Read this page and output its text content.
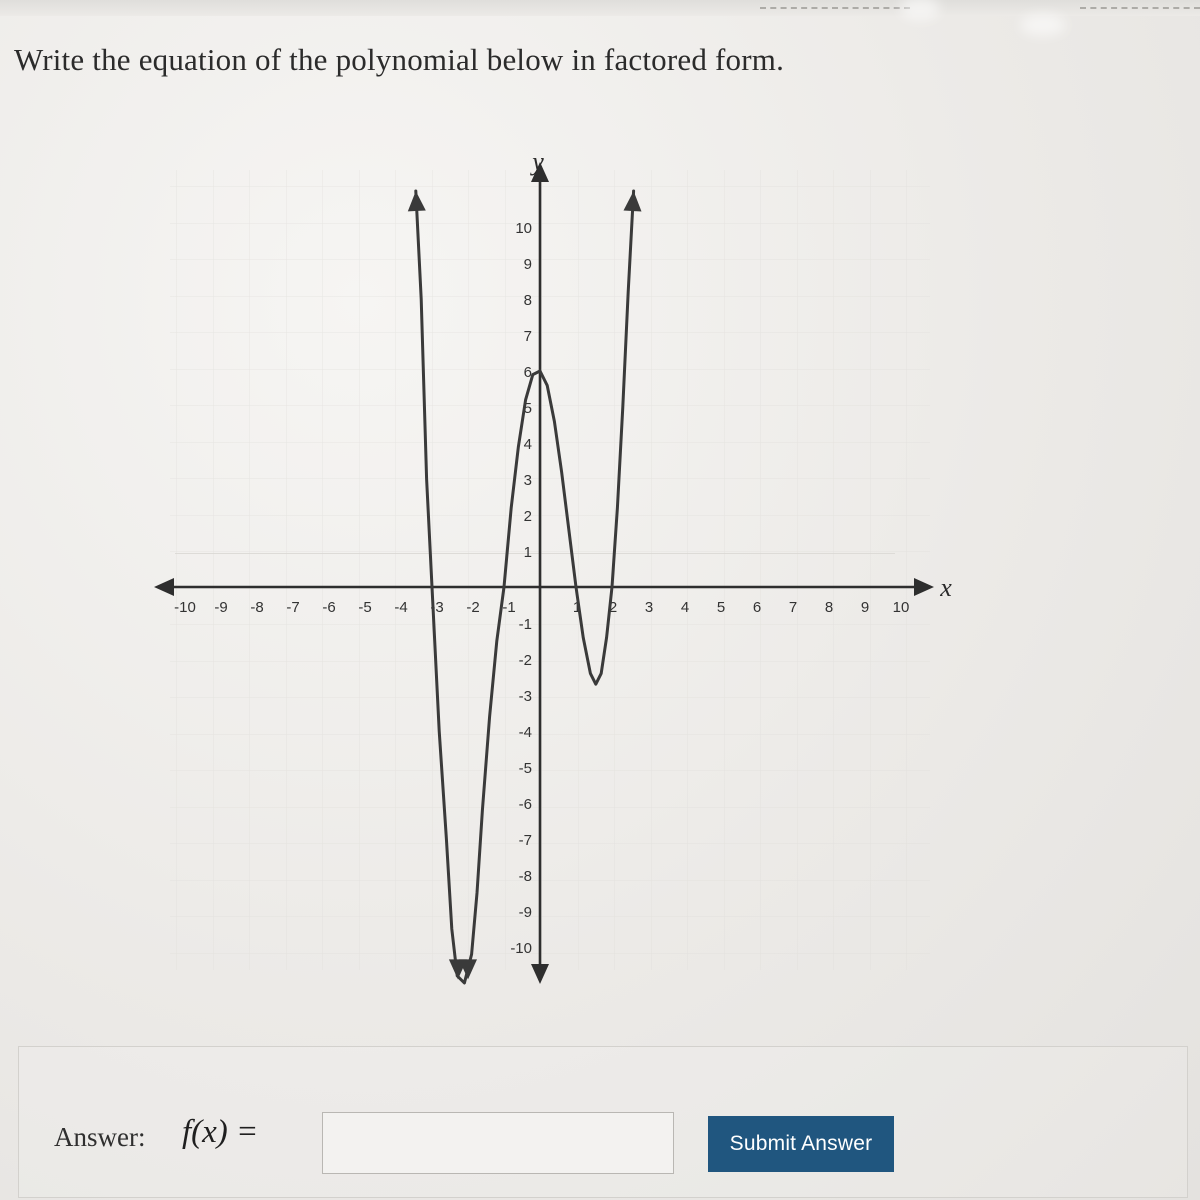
Write the equation of the polynomial below in factored form.
y
x
-10 -9 -8 -7 -6 -5 -4 -3 -2 -1	1 2 3 4 5 6 7 8 9 10
10
9
8
7
6
5
4
3
2
1
-1
-2
-3
-4
-5
-6
-7
-8
-9
-10
Answer: f(x) =	Submit Answer
